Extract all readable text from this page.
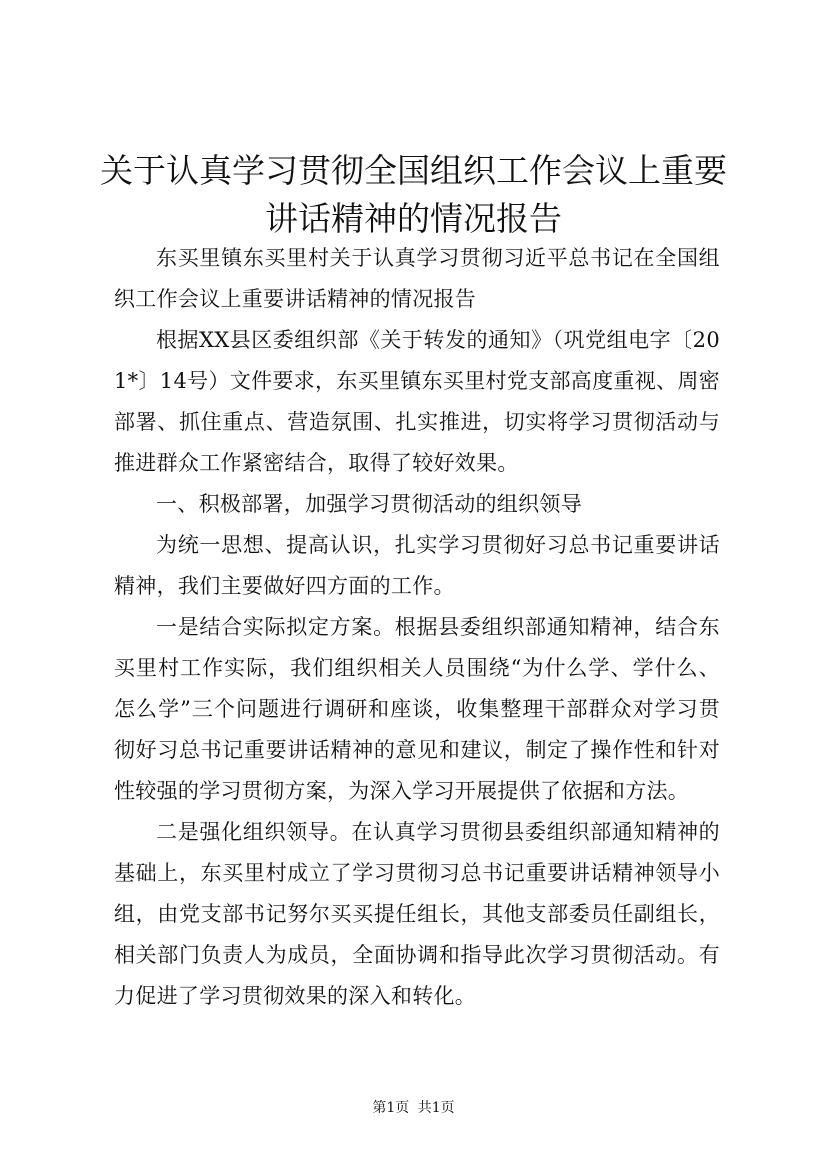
关于认真学习贯彻全国组织工作会议上重要讲话精神的情况报告

东买里镇东买里村关于认真学习贯彻习近平总书记在全国组织工作会议上重要讲话精神的情况报告

根据XX县区委组织部《关于转发的通知》（巩党组电字〔201*〕14号）文件要求，东买里镇东买里村党支部高度重视、周密部署、抓住重点、营造氛围、扎实推进，切实将学习贯彻活动与推进群众工作紧密结合，取得了较好效果。

一、积极部署，加强学习贯彻活动的组织领导

为统一思想、提高认识，扎实学习贯彻好习总书记重要讲话精神，我们主要做好四方面的工作。

一是结合实际拟定方案。根据县委组织部通知精神，结合东买里村工作实际，我们组织相关人员围绕“为什么学、学什么、怎么学”三个问题进行调研和座谈，收集整理干部群众对学习贯彻好习总书记重要讲话精神的意见和建议，制定了操作性和针对性较强的学习贯彻方案，为深入学习开展提供了依据和方法。

二是强化组织领导。在认真学习贯彻县委组织部通知精神的基础上，东买里村成立了学习贯彻习总书记重要讲话精神领导小组，由党支部书记努尔买买提任组长，其他支部委员任副组长，相关部门负责人为成员，全面协调和指导此次学习贯彻活动。有力促进了学习贯彻效果的深入和转化。

第1页 共1页
